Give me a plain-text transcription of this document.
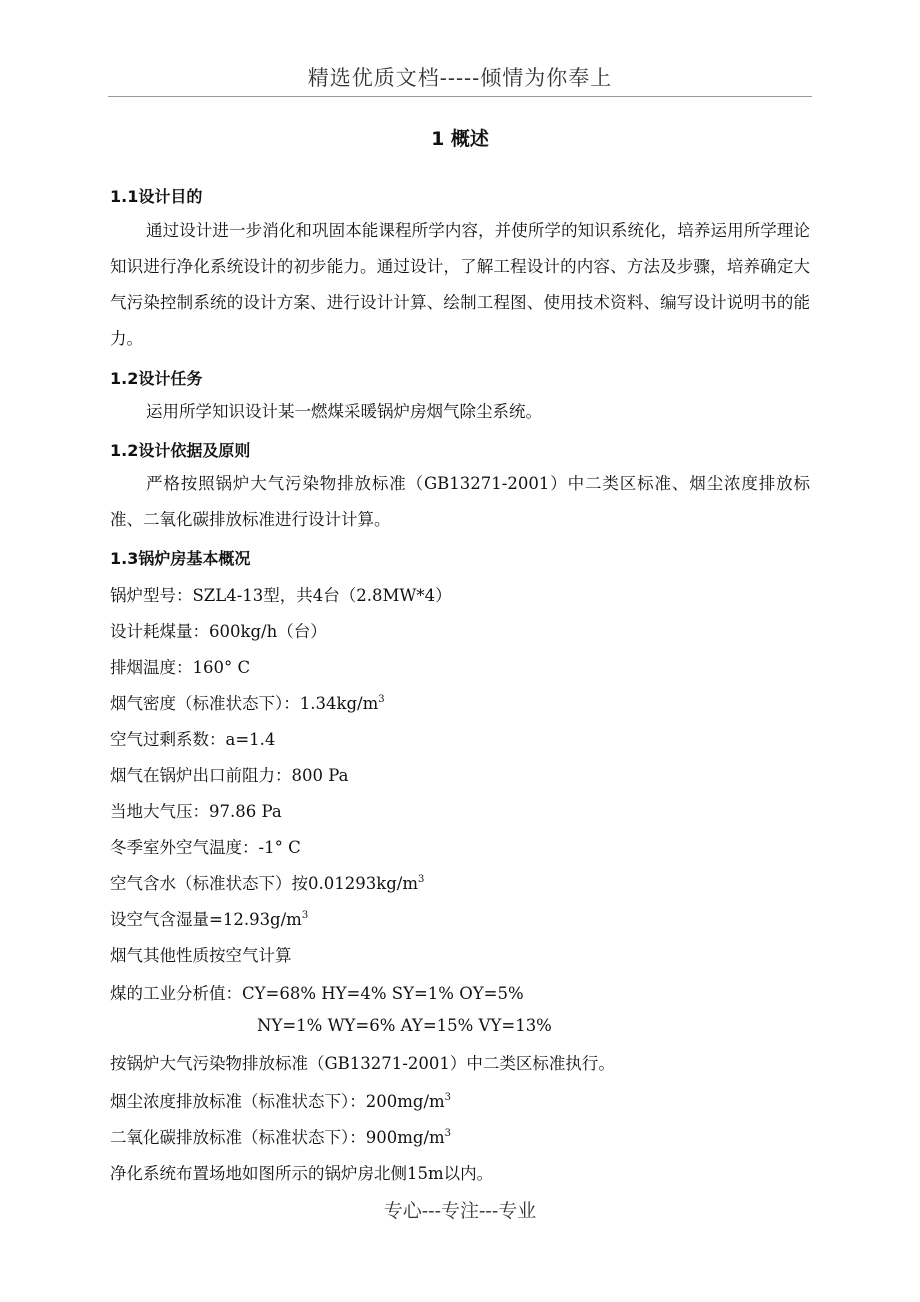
精选优质文档-----倾情为你奉上
1 概述
1.1设计目的
通过设计进一步消化和巩固本能课程所学内容，并使所学的知识系统化，培养运用所学理论知识进行净化系统设计的初步能力。通过设计，了解工程设计的内容、方法及步骤，培养确定大气污染控制系统的设计方案、进行设计计算、绘制工程图、使用技术资料、编写设计说明书的能力。
1.2设计任务
运用所学知识设计某一燃煤采暖锅炉房烟气除尘系统。
1.2设计依据及原则
严格按照锅炉大气污染物排放标准（GB13271-2001）中二类区标准、烟尘浓度排放标准、二氧化碳排放标准进行设计计算。
1.3锅炉房基本概况
锅炉型号：SZL4-13型，共4台（2.8MW*4）
设计耗煤量：600kg/h（台）
排烟温度：160° C
烟气密度（标准状态下）：$1.34kg/m^3$
空气过剩系数：a=1.4
烟气在锅炉出口前阻力：800 Pa
当地大气压：97.86 Pa
冬季室外空气温度：-1° C
空气含水（标准状态下）按$0.01293kg/m^3$
设空气含湿量$=12.93g/m^3$
烟气其他性质按空气计算
煤的工业分析值：CY=68% HY=4% SY=1% OY=5%
NY=1% WY=6% AY=15% VY=13%
按锅炉大气污染物排放标准（GB13271-2001）中二类区标准执行。
烟尘浓度排放标准（标准状态下）：$200mg/m^3$
二氧化碳排放标准（标准状态下）：$900mg/m^3$
净化系统布置场地如图所示的锅炉房北侧15m以内。
专心---专注---专业
